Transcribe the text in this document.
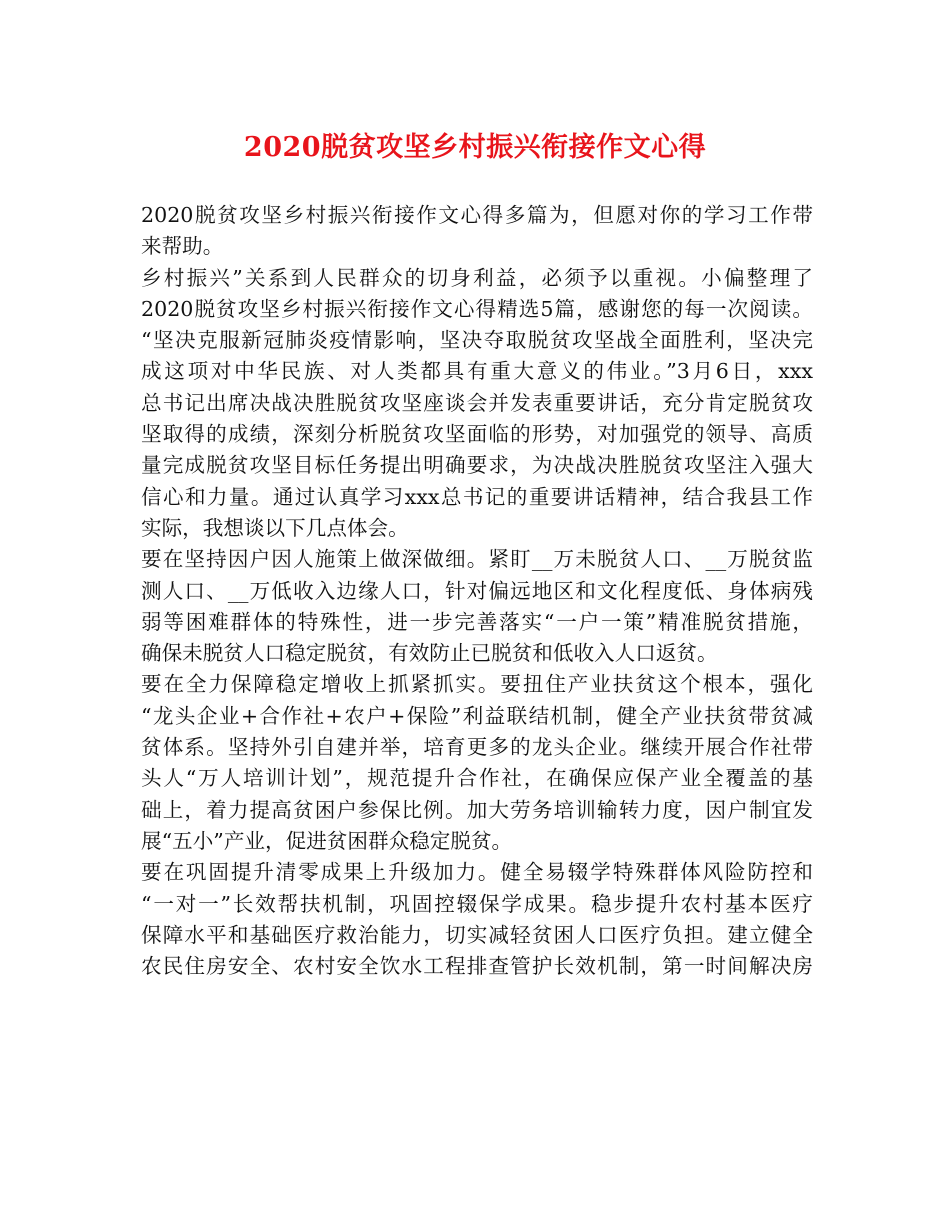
2020脱贫攻坚乡村振兴衔接作文心得
2020脱贫攻坚乡村振兴衔接作文心得多篇为，但愿对你的学习工作带
来帮助。
乡村振兴”关系到人民群众的切身利益，必须予以重视。小偏整理了
2020脱贫攻坚乡村振兴衔接作文心得精选5篇，感谢您的每一次阅读。
“坚决克服新冠肺炎疫情影响，坚决夺取脱贫攻坚战全面胜利，坚决完
成这项对中华民族、对人类都具有重大意义的伟业。”3月6日，xxx
总书记出席决战决胜脱贫攻坚座谈会并发表重要讲话，充分肯定脱贫攻
坚取得的成绩，深刻分析脱贫攻坚面临的形势，对加强党的领导、高质
量完成脱贫攻坚目标任务提出明确要求，为决战决胜脱贫攻坚注入强大
信心和力量。通过认真学习xxx总书记的重要讲话精神，结合我县工作
实际，我想谈以下几点体会。
要在坚持因户因人施策上做深做细。紧盯__万未脱贫人口、__万脱贫监
测人口、__万低收入边缘人口，针对偏远地区和文化程度低、身体病残
弱等困难群体的特殊性，进一步完善落实“一户一策”精准脱贫措施，
确保未脱贫人口稳定脱贫，有效防止已脱贫和低收入人口返贫。
要在全力保障稳定增收上抓紧抓实。要扭住产业扶贫这个根本，强化
“龙头企业+合作社+农户+保险”利益联结机制，健全产业扶贫带贫减
贫体系。坚持外引自建并举，培育更多的龙头企业。继续开展合作社带
头人“万人培训计划”，规范提升合作社，在确保应保产业全覆盖的基
础上，着力提高贫困户参保比例。加大劳务培训输转力度，因户制宜发
展“五小”产业，促进贫困群众稳定脱贫。
要在巩固提升清零成果上升级加力。健全易辍学特殊群体风险防控和
“一对一”长效帮扶机制，巩固控辍保学成果。稳步提升农村基本医疗
保障水平和基础医疗救治能力，切实减轻贫困人口医疗负担。建立健全
农民住房安全、农村安全饮水工程排查管护长效机制，第一时间解决房
